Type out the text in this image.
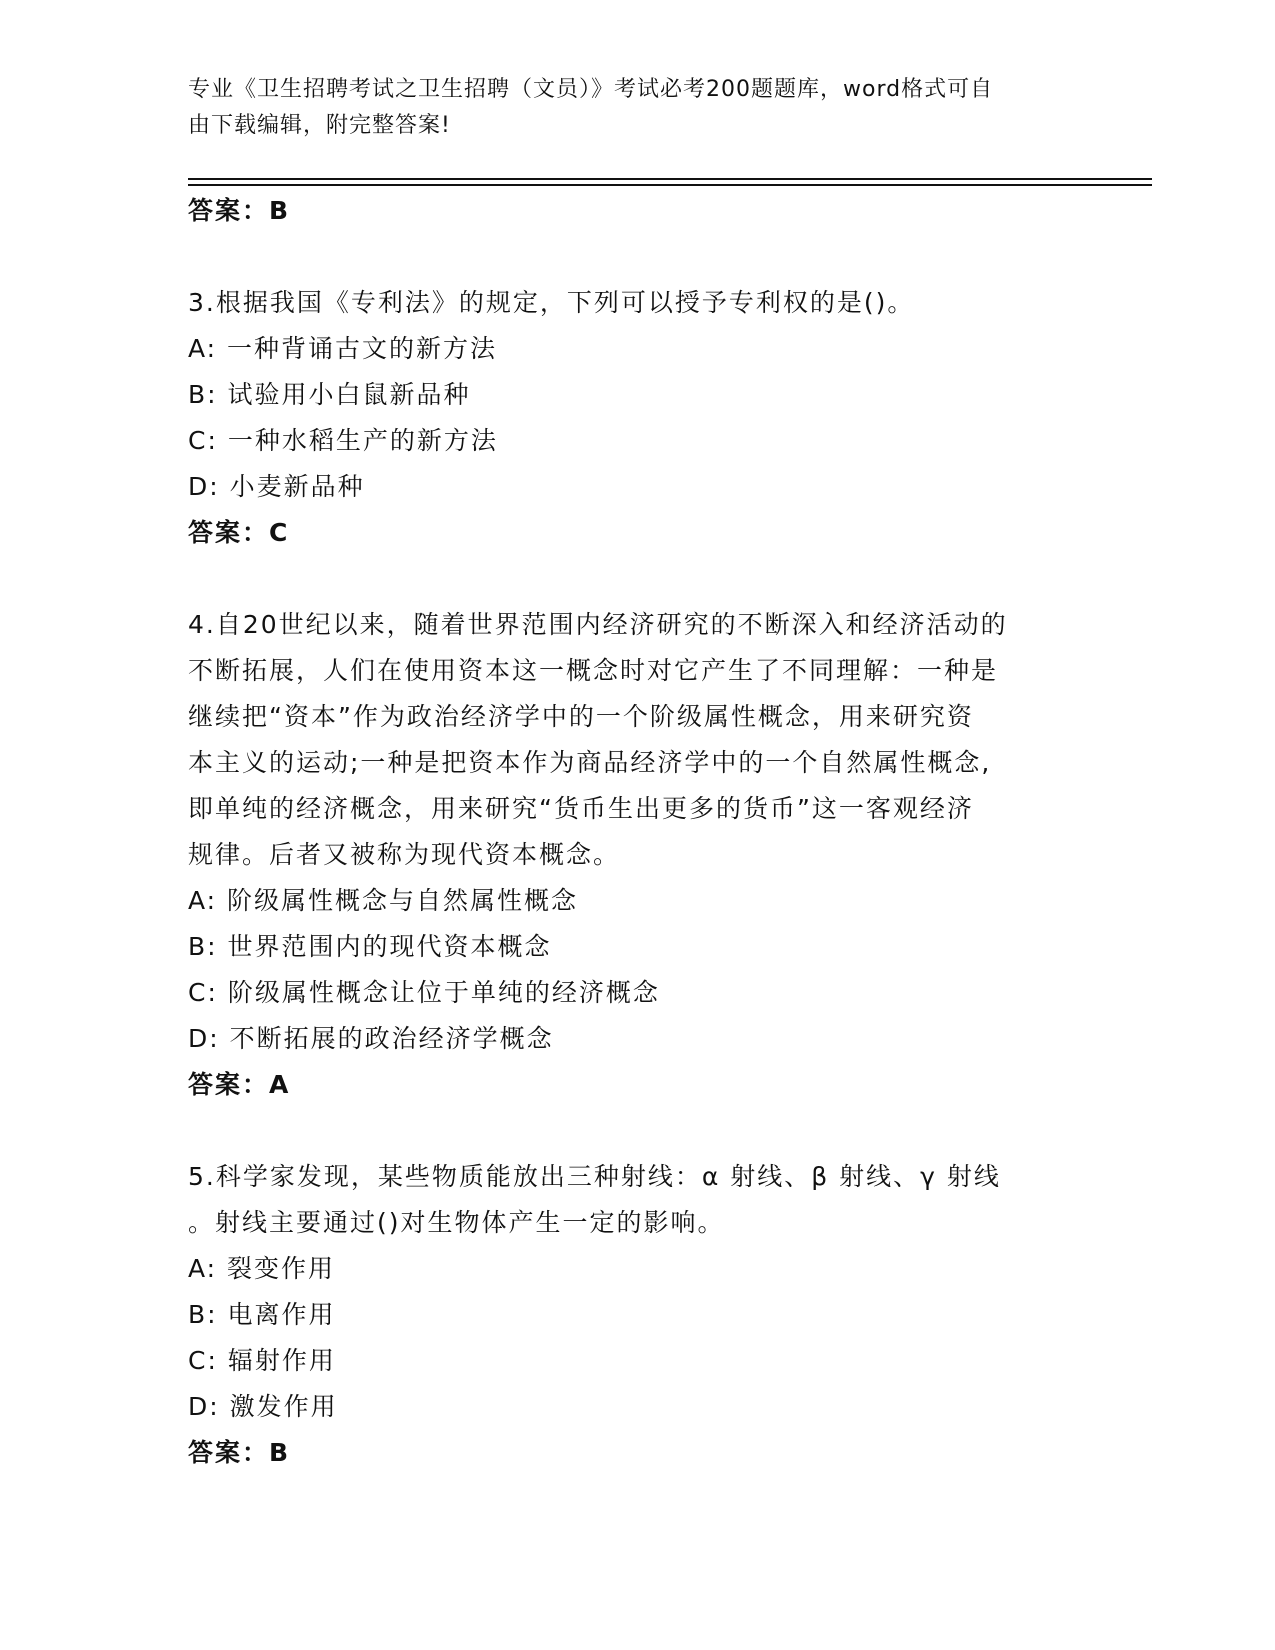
专业《卫生招聘考试之卫生招聘（文员）》考试必考200题题库，word格式可自
由下载编辑，附完整答案!
答案：B
3.根据我国《专利法》的规定，下列可以授予专利权的是()。
A: 一种背诵古文的新方法
B: 试验用小白鼠新品种
C: 一种水稻生产的新方法
D: 小麦新品种
答案：C
4.自20世纪以来，随着世界范围内经济研究的不断深入和经济活动的
不断拓展，人们在使用资本这一概念时对它产生了不同理解：一种是
继续把“资本”作为政治经济学中的一个阶级属性概念，用来研究资
本主义的运动;一种是把资本作为商品经济学中的一个自然属性概念,
即单纯的经济概念，用来研究“货币生出更多的货币”这一客观经济
规律。后者又被称为现代资本概念。
A: 阶级属性概念与自然属性概念
B: 世界范围内的现代资本概念
C: 阶级属性概念让位于单纯的经济概念
D: 不断拓展的政治经济学概念
答案：A
5.科学家发现，某些物质能放出三种射线：α 射线、β 射线、γ 射线
。射线主要通过()对生物体产生一定的影响。
A: 裂变作用
B: 电离作用
C: 辐射作用
D: 激发作用
答案：B
